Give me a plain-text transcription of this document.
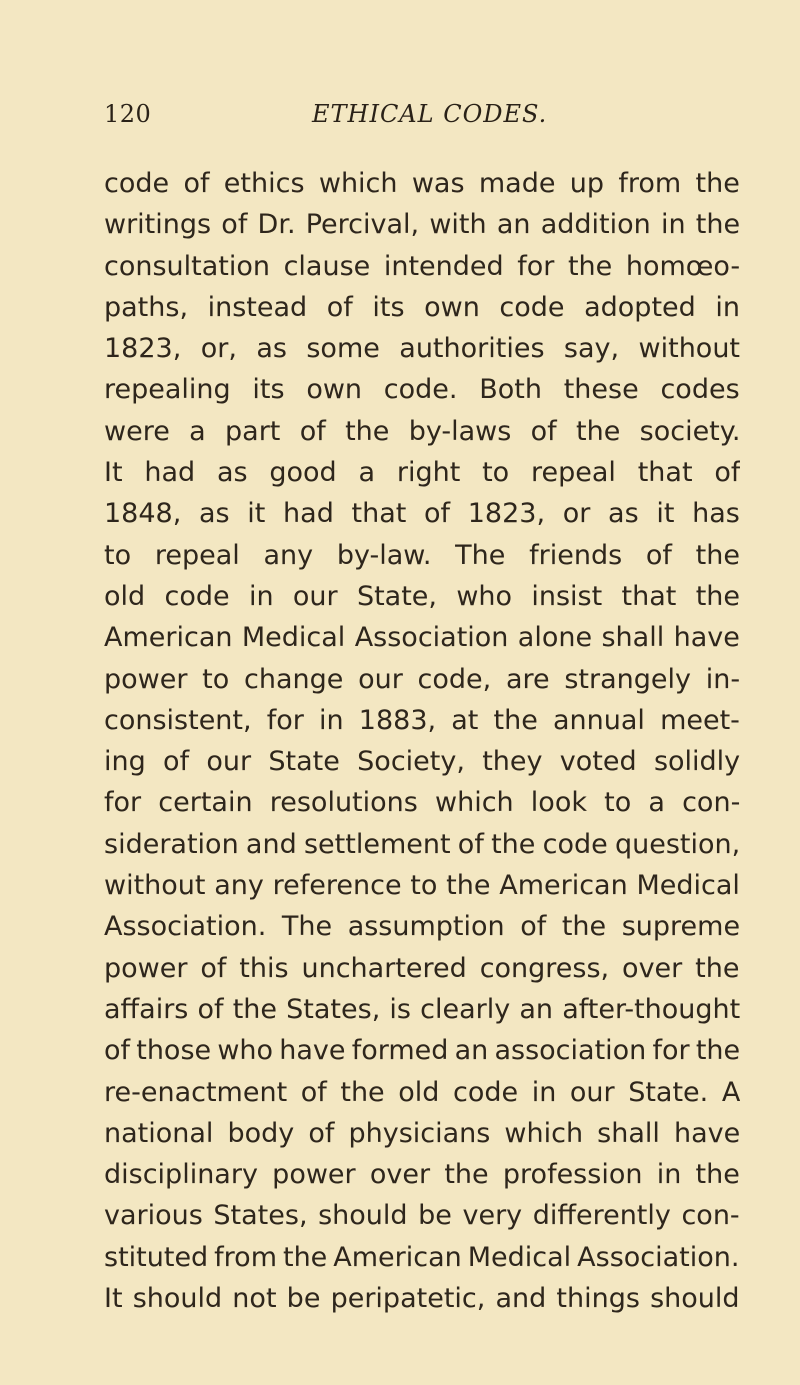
120	ETHICAL CODES.
code of ethics which was made up from the
writings of Dr. Percival, with an addition in the
consultation clause intended for the homœo-
paths, instead of its own code adopted in
1823, or, as some authorities say, without
repealing its own code. Both these codes
were a part of the by-laws of the society.
It had as good a right to repeal that of
1848, as it had that of 1823, or as it has
to repeal any by-law. The friends of the
old code in our State, who insist that the
American Medical Association alone shall have
power to change our code, are strangely in-
consistent, for in 1883, at the annual meet-
ing of our State Society, they voted solidly
for certain resolutions which look to a con-
sideration and settlement of the code question,
without any reference to the American Medical
Association. The assumption of the supreme
power of this unchartered congress, over the
affairs of the States, is clearly an after-thought
of those who have formed an association for the
re-enactment of the old code in our State. A
national body of physicians which shall have
disciplinary power over the profession in the
various States, should be very differently con-
stituted from the American Medical Association.
It should not be peripatetic, and things should
